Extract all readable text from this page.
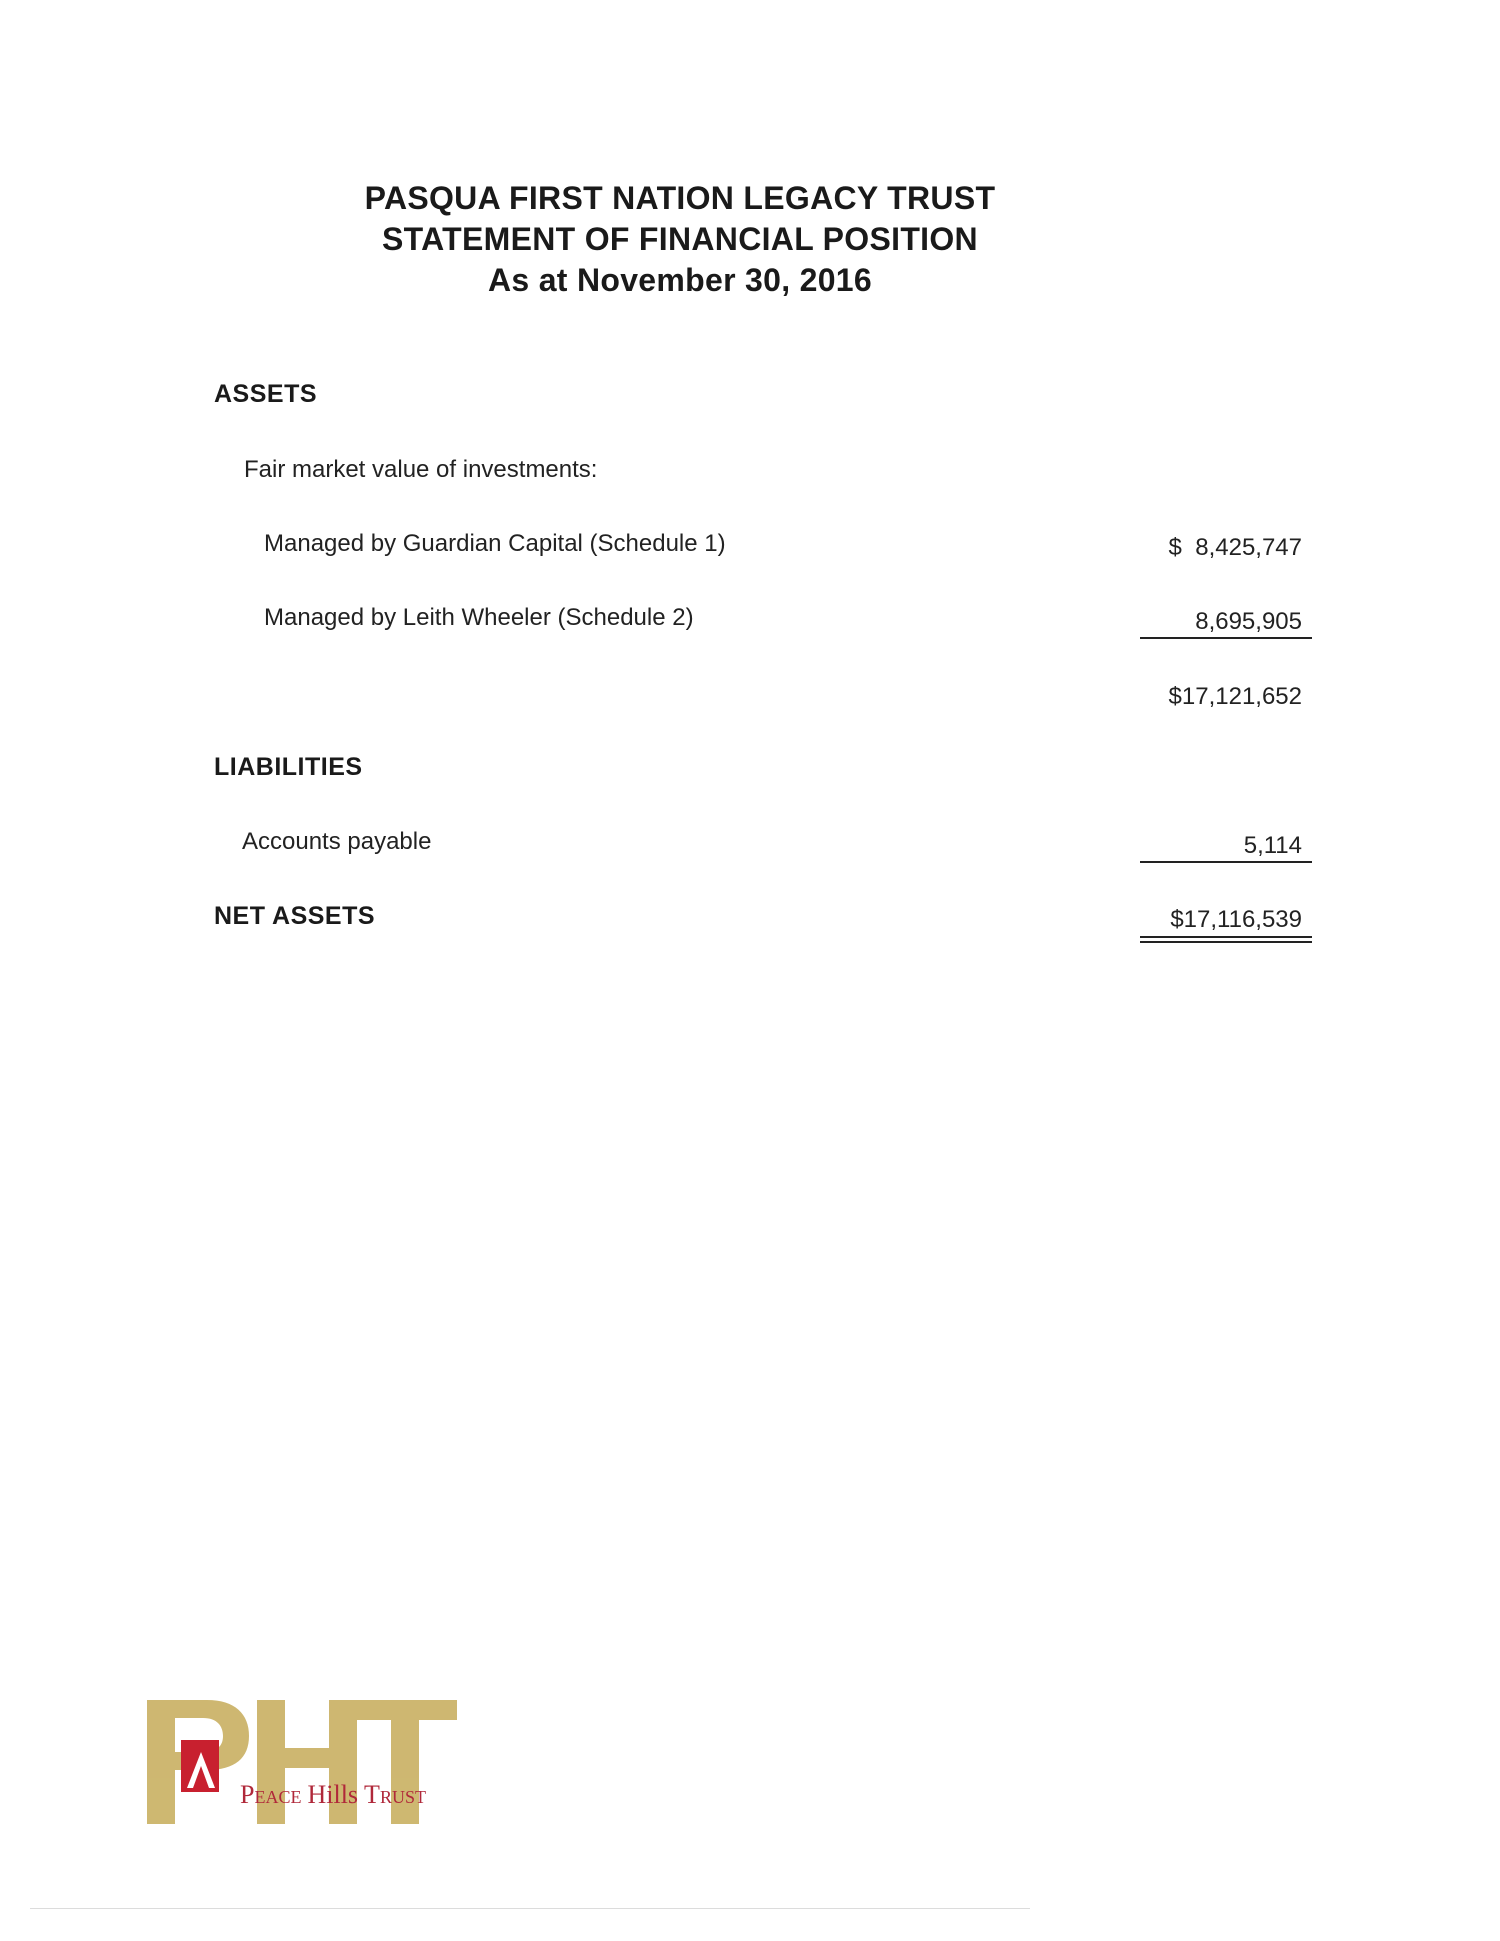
PASQUA FIRST NATION LEGACY TRUST
STATEMENT OF FINANCIAL POSITION
As at November 30, 2016
ASSETS
Fair market value of investments:
Managed by Guardian Capital (Schedule 1)	$  8,425,747
Managed by Leith Wheeler (Schedule 2)	8,695,905
$17,121,652
LIABILITIES
Accounts payable	5,114
NET ASSETS	$17,116,539
PEACE Hills TRUST
